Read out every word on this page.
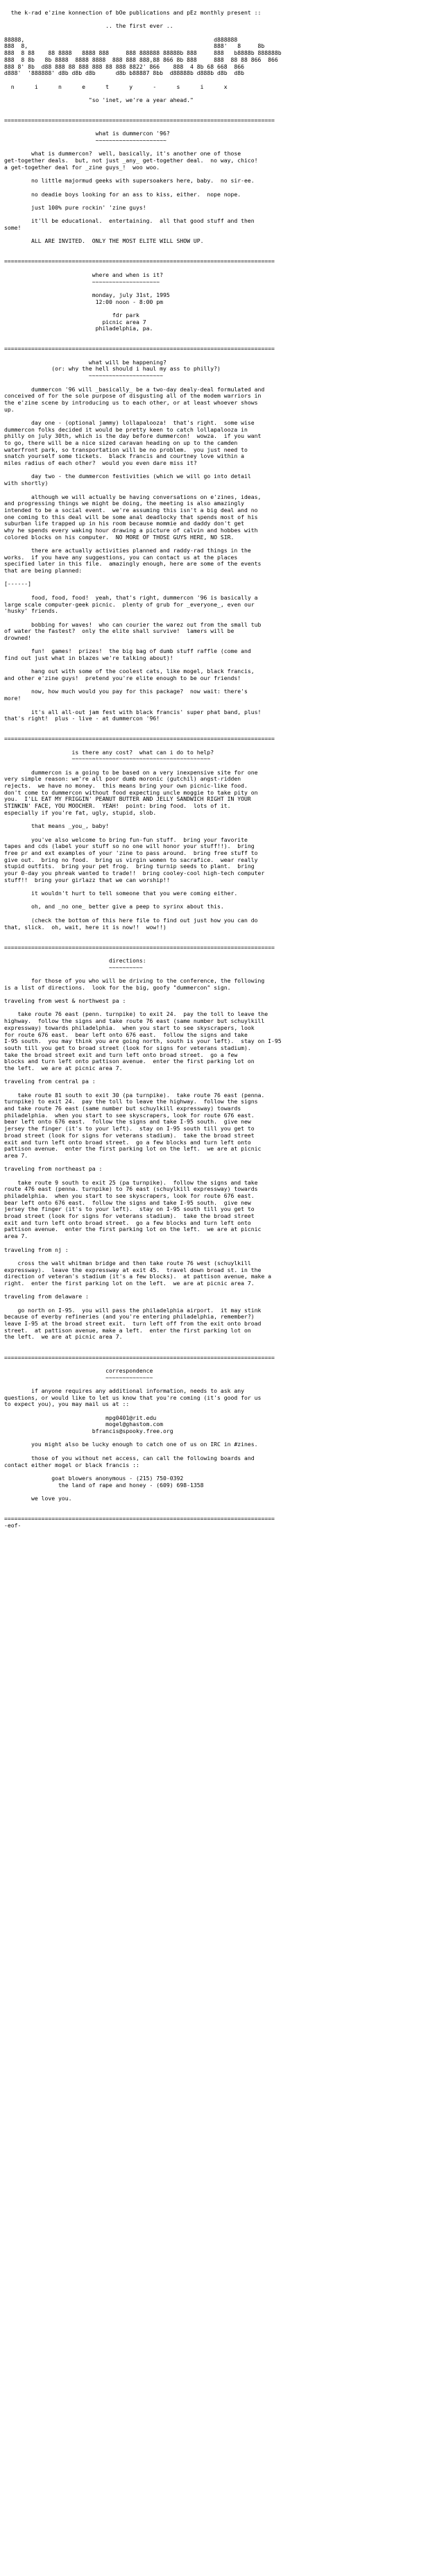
the k-rad e'zine konnection of bOe publications and pEz monthly present ::
.. the first ever ..
88888,                                                        d888888
888  8,                                                       888'   8     8b
888  8 88    88 8888   8888 888     888 888888 88888b 888     888   b8888b 888888b
888  8 8b   8b 8888  8888 8888  888 888 888,88 866 8b 888     888  88 88 866  866
888 8' 8b  d88 888 88 888 888 88 888 8822' 866    888  4 8b 68 668  866
d888'  '888888' d8b d8b d8b      d8b b88887 8bb  d88888b d888b d8b  d8b
n      i      n      e      t      y      -      s      i      x
"so 'inet, we're a year ahead."
================================================================================
what is dummercon '96?
~~~~~~~~~~~~~~~~~~~~~
what is dummercon?  well, basically, it's another one of those
get-together deals.  but, not just _any_ get-together deal.  no way, chico!
a get-together deal for _zine guys_!  woo woo.
no little majormud geeks with supersoakers here, baby.  no sir-ee.
no deadie boys looking for an ass to kiss, either.  nope nope.
just 100% pure rockin' 'zine guys!
it'll be educational.  entertaining.  all that good stuff and then
some!
ALL ARE INVITED.  ONLY THE MOST ELITE WILL SHOW UP.
================================================================================
where and when is it?
~~~~~~~~~~~~~~~~~~~~
monday, july 31st, 1995
12:00 noon - 8:00 pm
fdr park
picnic area 7
philadelphia, pa.
================================================================================
what will be happening?
(or: why the hell should i haul my ass to philly?)
~~~~~~~~~~~~~~~~~~~~~~
dummercon '96 will _basically_ be a two-day dealy-deal formulated and
conceived of for the sole purpose of disgusting all of the modem warriors in
the e'zine scene by introducing us to each other, or at least whoever shows
up.
day one - (optional jammy) lollapalooza!  that's right.  some wise
dummercon folks decided it would be pretty keen to catch lollapalooza in
philly on july 30th, which is the day before dummercon!  wowza.  if you want
to go, there will be a nice sized caravan heading on up to the camden
waterfront park, so transportation will be no problem.  you just need to
snatch yourself some tickets.  black francis and courtney love within a
miles radius of each other?  would you even dare miss it?
day two - the dummercon festivities (which we will go into detail
with shortly)
although we will actually be having conversations on e'zines, ideas,
and progressing things we might be doing, the meeting is also amazingly
intended to be a social event.  we're assuming this isn't a big deal and no
one coming to this deal will be some anal deadlocky that spends most of his
suburban life trapped up in his room because mommie and daddy don't get
why he spends every waking hour drawing a picture of calvin and hobbes with
colored blocks on his computer.  NO MORE OF THOSE GUYS HERE, NO SIR.
there are actually activities planned and raddy-rad things in the
works.  if you have any suggestions, you can contact us at the places
specified later in this file.  amazingly enough, here are some of the events
that are being planned:
[------]
food, food, food!  yeah, that's right, dummercon '96 is basically a
large scale computer-geek picnic.  plenty of grub for _everyone_, even our
'husky' friends.
bobbing for waves!  who can courier the warez out from the small tub
of water the fastest?  only the elite shall survive!  lamers will be
drowned!
fun!  games!  prizes!  the big bag of dumb stuff raffle (come and
find out just what in blazes we're talking about)!
hang out with some of the coolest cats, like mogel, black francis,
and other e'zine guys!  pretend you're elite enough to be our friends!
now, how much would you pay for this package?  now wait: there's
more!
it's all all-out jam fest with black francis' super phat band, plus!
that's right!  plus - live - at dummercon '96!
================================================================================
is there any cost?  what can i do to help?
~~~~~~~~~~~~~~~~~~~~~~~~~~~~~~~~~~~~~~~~~
dummercon is a going to be based on a very inexpensive site for one
very simple reason: we're all poor dumb moronic (gutchil) angst-ridden
rejects.  we have no money.  this means bring your own picnic-like food.
don't come to dummercon without food expecting uncle moggie to take pity on
you.  I'LL EAT MY FRIGGIN' PEANUT BUTTER AND JELLY SANDWICH RIGHT IN YOUR
STINKIN' FACE, YOU MOOCHER.  YEAH!  point: bring food.  lots of it.
especially if you're fat, ugly, stupid, slob.
that means _you_, baby!
you've also welcome to bring fun-fun stuff.  bring your favorite
tapes and cds (label your stuff so no one will honor your stuff!!).  bring
free pr and ext examples of your 'zine to pass around.  bring free stuff to
give out.  bring no food.  bring us virgin women to sacrafice.  wear really
stupid outfits.  bring your pet frog.  bring turnip seeds to plant.  bring
your 0-day you phreak wanted to trade!!  bring cooley-cool high-tech computer
stuff!!  bring your girlazz that we can worship!!
it wouldn't hurt to tell someone that you were coming either.
oh, and _no one_ better give a peep to syrinx about this.
(check the bottom of this here file to find out just how you can do
that, slick.  oh, wait, here it is now!!  wow!!)
================================================================================
directions:
~~~~~~~~~~
for those of you who will be driving to the conference, the following
is a list of directions.  look for the big, goofy "dummercon" sign.
traveling from west & northwest pa :
take route 76 east (penn. turnpike) to exit 24.  pay the toll to leave the
highway.  follow the signs and take route 76 east (same number but schuylkill
expressway) towards philadelphia.  when you start to see skyscrapers, look
for route 676 east.  bear left onto 676 east.  follow the signs and take
I-95 south.  you may think you are going north, south is your left).  stay on I-95
south till you get to broad street (look for signs for veterans stadium).
take the broad street exit and turn left onto broad street.  go a few
blocks and turn left onto pattison avenue.  enter the first parking lot on
the left.  we are at picnic area 7.
traveling from central pa :
take route 81 south to exit 30 (pa turnpike).  take route 76 east (penna.
turnpike) to exit 24.  pay the toll to leave the highway.  follow the signs
and take route 76 east (same number but schuylkill expressway) towards
philadelphia.  when you start to see skyscrapers, look for route 676 east.
bear left onto 676 east.  follow the signs and take I-95 south.  give new
jersey the finger (it's to your left).  stay on I-95 south till you get to
broad street (look for signs for veterans stadium).  take the broad street
exit and turn left onto broad street.  go a few blocks and turn left onto
pattison avenue.  enter the first parking lot on the left.  we are at picnic
area 7.
traveling from northeast pa :
take route 9 south to exit 25 (pa turnpike).  follow the signs and take
route 476 east (penna. turnpike) to 76 east (schuylkill expressway) towards
philadelphia.  when you start to see skyscrapers, look for route 676 east.
bear left onto 676 east.  follow the signs and take I-95 south.  give new
jersey the finger (it's to your left).  stay on I-95 south till you get to
broad street (look for signs for veterans stadium).  take the broad street
exit and turn left onto broad street.  go a few blocks and turn left onto
pattison avenue.  enter the first parking lot on the left.  we are at picnic
area 7.
traveling from nj :
cross the walt whitman bridge and then take route 76 west (schuylkill
expressway).  leave the expressway at exit 45.  travel down broad st. in the
direction of veteran's stadium (it's a few blocks).  at pattison avenue, make a
right.  enter the first parking lot on the left.  we are at picnic area 7.
traveling from delaware :
go north on I-95.  you will pass the philadelphia airport.  it may stink
because of everby refineries (and you're entering philadelphia, remember?)
leave I-95 at the broad street exit.  turn left off from the exit onto broad
street.  at pattison avenue, make a left.  enter the first parking lot on
the left.  we are at picnic area 7.
================================================================================
correspondence
~~~~~~~~~~~~~~
if anyone requires any additional information, needs to ask any
questions, or would like to let us know that you're coming (it's good for us
to expect you), you may mail us at ::
mpg0401@rit.edu
mogel@ghastom.com
bfrancis@spooky.free.org
you might also be lucky enough to catch one of us on IRC in #zines.
those of you without net access, can call the following boards and
contact either mogel or black francis ::
goat blowers anonymous - (215) 750-0392
the land of rape and honey - (609) 698-1358
we love you.
================================================================================
-eof-
